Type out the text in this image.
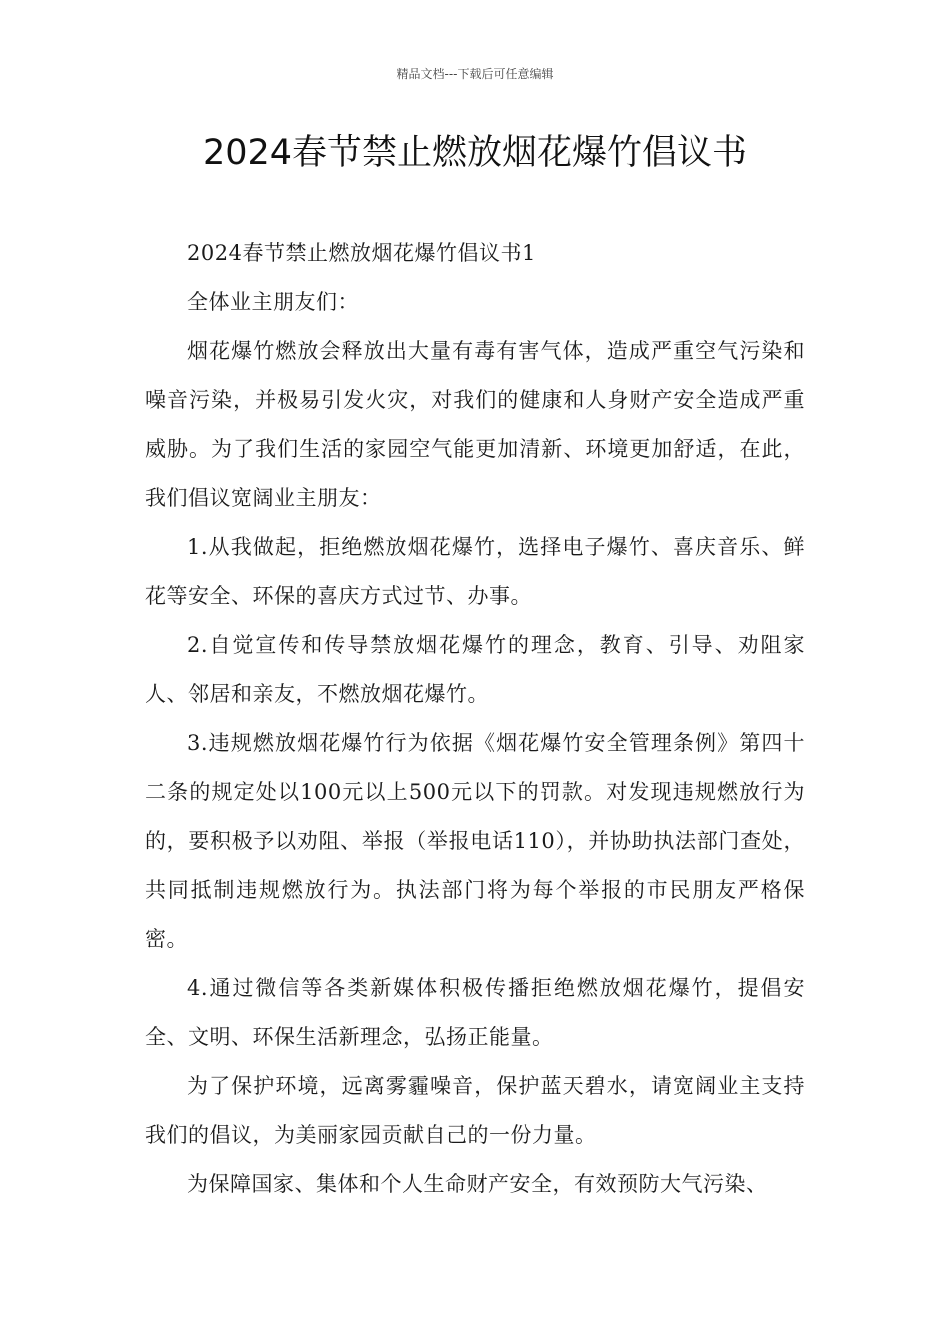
精品文档---下载后可任意编辑
2024春节禁止燃放烟花爆竹倡议书

2024春节禁止燃放烟花爆竹倡议书1

全体业主朋友们：

烟花爆竹燃放会释放出大量有毒有害气体，造成严重空气污染和噪音污染，并极易引发火灾，对我们的健康和人身财产安全造成严重威胁。为了我们生活的家园空气能更加清新、环境更加舒适，在此，我们倡议宽阔业主朋友：

1.从我做起，拒绝燃放烟花爆竹，选择电子爆竹、喜庆音乐、鲜花等安全、环保的喜庆方式过节、办事。

2.自觉宣传和传导禁放烟花爆竹的理念，教育、引导、劝阻家人、邻居和亲友，不燃放烟花爆竹。

3.违规燃放烟花爆竹行为依据《烟花爆竹安全管理条例》第四十二条的规定处以100元以上500元以下的罚款。对发现违规燃放行为的，要积极予以劝阻、举报（举报电话110），并协助执法部门查处，共同抵制违规燃放行为。执法部门将为每个举报的市民朋友严格保密。

4.通过微信等各类新媒体积极传播拒绝燃放烟花爆竹，提倡安全、文明、环保生活新理念，弘扬正能量。

为了保护环境，远离雾霾噪音，保护蓝天碧水，请宽阔业主支持我们的倡议，为美丽家园贡献自己的一份力量。

为保障国家、集体和个人生命财产安全，有效预防大气污染、
